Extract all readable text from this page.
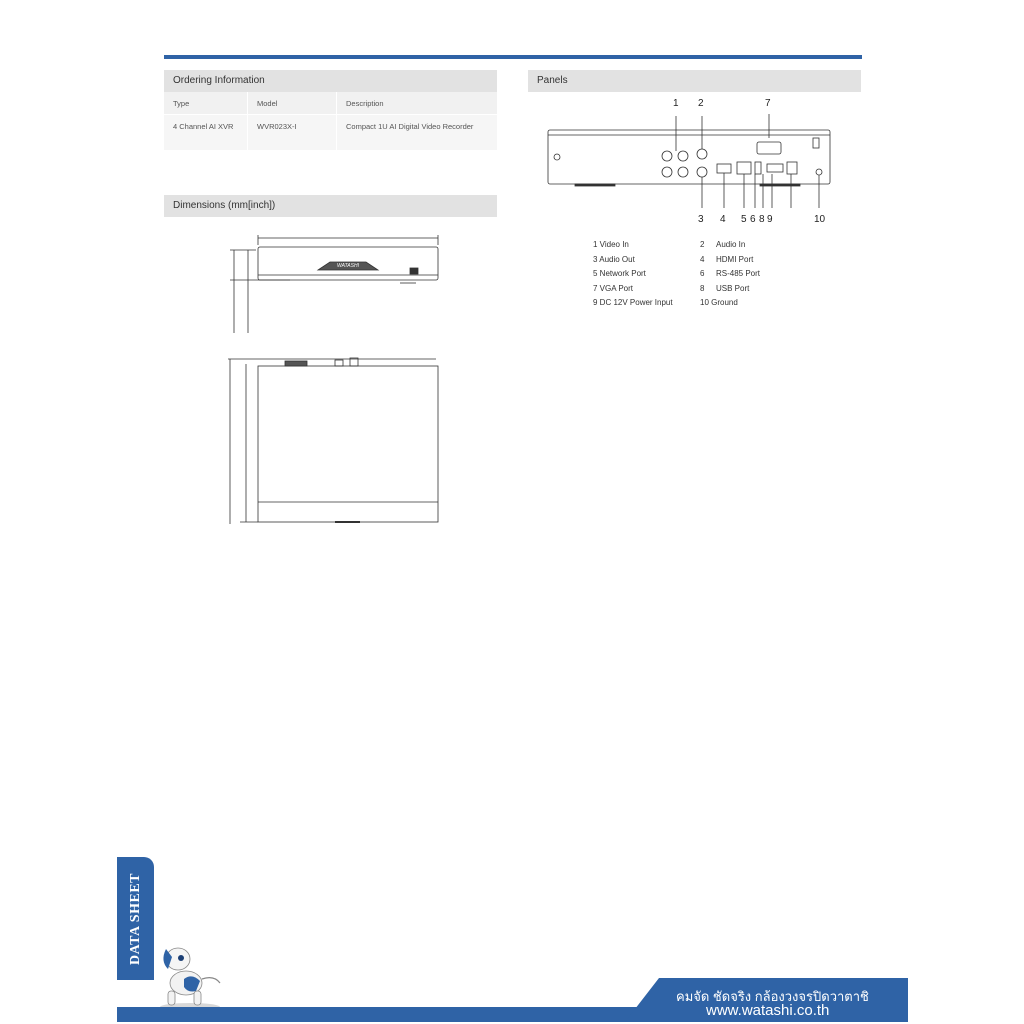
Ordering Information
Type	Model	Description
4 Channel AI XVR	WVR023X-I	Compact 1U AI Digital Video Recorder
Dimensions (mm[inch])
WATASHI
Panels
1 2	7
3 4 5 6 8 9	10
1 Video In	2 Audio In
3 Audio Out	4 HDMI Port
5 Network Port	6 RS-485 Port
7 VGA Port	8 USB Port
9 DC 12V Power Input	10 Ground
DATA SHEET
คมจัด ชัดจริง กล้องวงจรปิดวาตาชิ
www.watashi.co.th
